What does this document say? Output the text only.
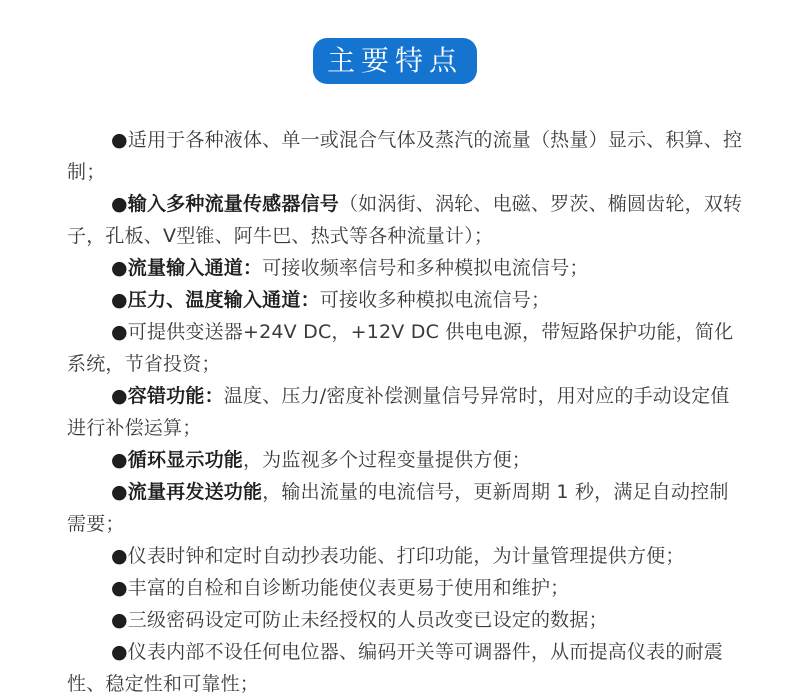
主要特点

●适用于各种液体、单一或混合气体及蒸汽的流量（热量）显示、积算、控制；

●输入多种流量传感器信号（如涡街、涡轮、电磁、罗茨、椭圆齿轮，双转子，孔板、V型锥、阿牛巴、热式等各种流量计）；

●流量输入通道：可接收频率信号和多种模拟电流信号；

●压力、温度输入通道：可接收多种模拟电流信号；

●可提供变送器+24V DC，+12V DC 供电电源，带短路保护功能，简化系统，节省投资；

●容错功能：温度、压力/密度补偿测量信号异常时，用对应的手动设定值进行补偿运算；

●循环显示功能，为监视多个过程变量提供方便；

●流量再发送功能，输出流量的电流信号，更新周期 1 秒，满足自动控制需要；

●仪表时钟和定时自动抄表功能、打印功能，为计量管理提供方便；

●丰富的自检和自诊断功能使仪表更易于使用和维护；

●三级密码设定可防止未经授权的人员改变已设定的数据；

●仪表内部不设任何电位器、编码开关等可调器件，从而提高仪表的耐震性、稳定性和可靠性；
